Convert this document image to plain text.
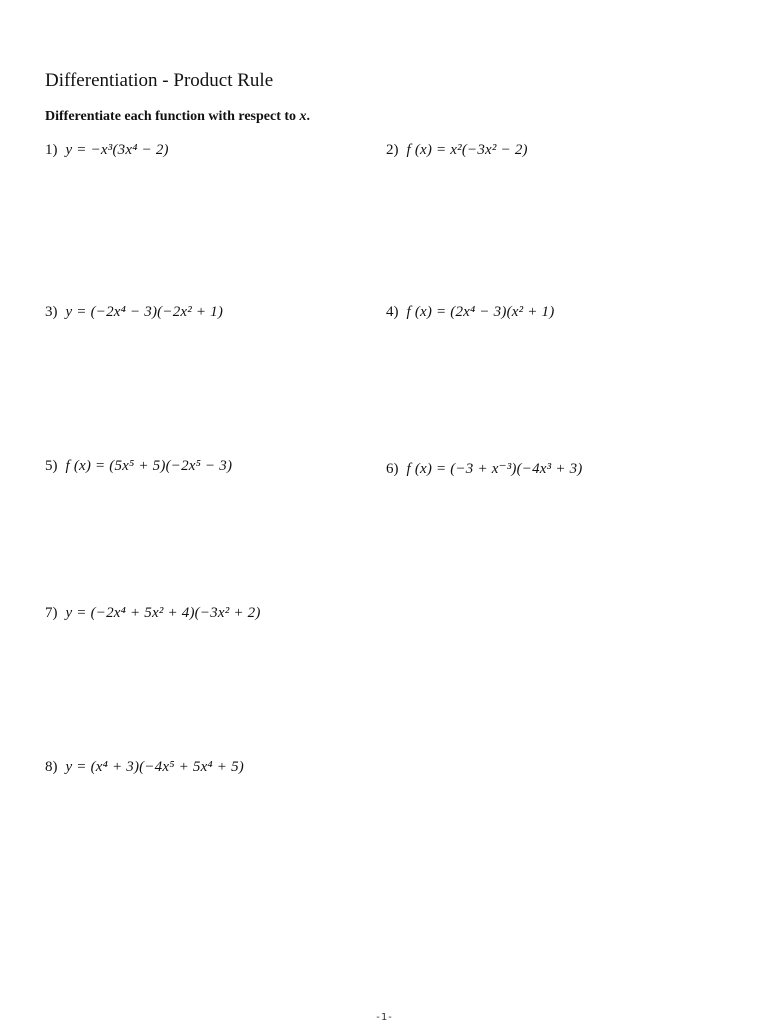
Differentiation - Product Rule
Differentiate each function with respect to x.
1) y = −x³(3x⁴ − 2)	2) f (x) = x²(−3x² − 2)
3) y = (−2x⁴ − 3)(−2x² + 1)	4) f (x) = (2x⁴ − 3)(x² + 1)
5) f (x) = (5x⁵ + 5)(−2x⁵ − 3)	6) f (x) = (−3 + x⁻³)(−4x³ + 3)
7) y = (−2x⁴ + 5x² + 4)(−3x² + 2)
8) y = (x⁴ + 3)(−4x⁵ + 5x⁴ + 5)
-1-
